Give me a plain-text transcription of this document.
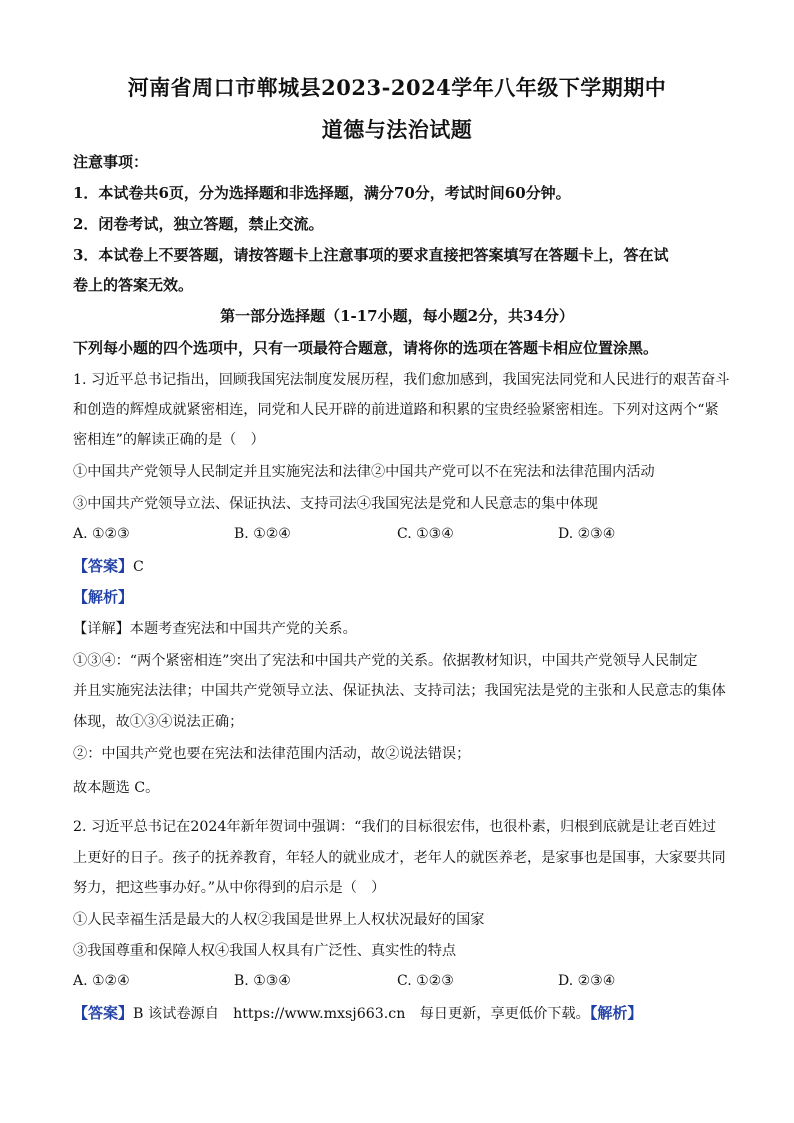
河南省周口市郸城县2023-2024学年八年级下学期期中
道德与法治试题
注意事项：
1．本试卷共6页，分为选择题和非选择题，满分70分，考试时间60分钟。
2．闭卷考试，独立答题，禁止交流。
3．本试卷上不要答题，请按答题卡上注意事项的要求直接把答案填写在答题卡上，答在试
卷上的答案无效。
第一部分选择题（1-17小题，每小题2分，共34分）
下列每小题的四个选项中，只有一项最符合题意，请将你的选项在答题卡相应位置涂黑。
1. 习近平总书记指出，回顾我国宪法制度发展历程，我们愈加感到，我国宪法同党和人民进行的艰苦奋斗
和创造的辉煌成就紧密相连，同党和人民开辟的前进道路和积累的宝贵经验紧密相连。下列对这两个“紧
密相连”的解读正确的是（　）
①中国共产党领导人民制定并且实施宪法和法律②中国共产党可以不在宪法和法律范围内活动
③中国共产党领导立法、保证执法、支持司法④我国宪法是党和人民意志的集中体现
A. ①②③	B. ①②④	C. ①③④	D. ②③④
【答案】C
【解析】
【详解】本题考查宪法和中国共产党的关系。
①③④：“两个紧密相连”突出了宪法和中国共产党的关系。依据教材知识，中国共产党领导人民制定
并且实施宪法法律；中国共产党领导立法、保证执法、支持司法；我国宪法是党的主张和人民意志的集体
体现，故①③④说法正确；
②：中国共产党也要在宪法和法律范围内活动，故②说法错误；
故本题选 C。
2. 习近平总书记在2024年新年贺词中强调：“我们的目标很宏伟，也很朴素，归根到底就是让老百姓过
上更好的日子。孩子的抚养教育，年轻人的就业成才，老年人的就医养老，是家事也是国事，大家要共同
努力，把这些事办好。”从中你得到的启示是（　）
①人民幸福生活是最大的人权②我国是世界上人权状况最好的国家
③我国尊重和保障人权④我国人权具有广泛性、真实性的特点
A. ①②④	B. ①③④	C. ①②③	D. ②③④
【答案】B 该试卷源自　https://www.mxsj663.cn　每日更新，享更低价下载。【解析】
